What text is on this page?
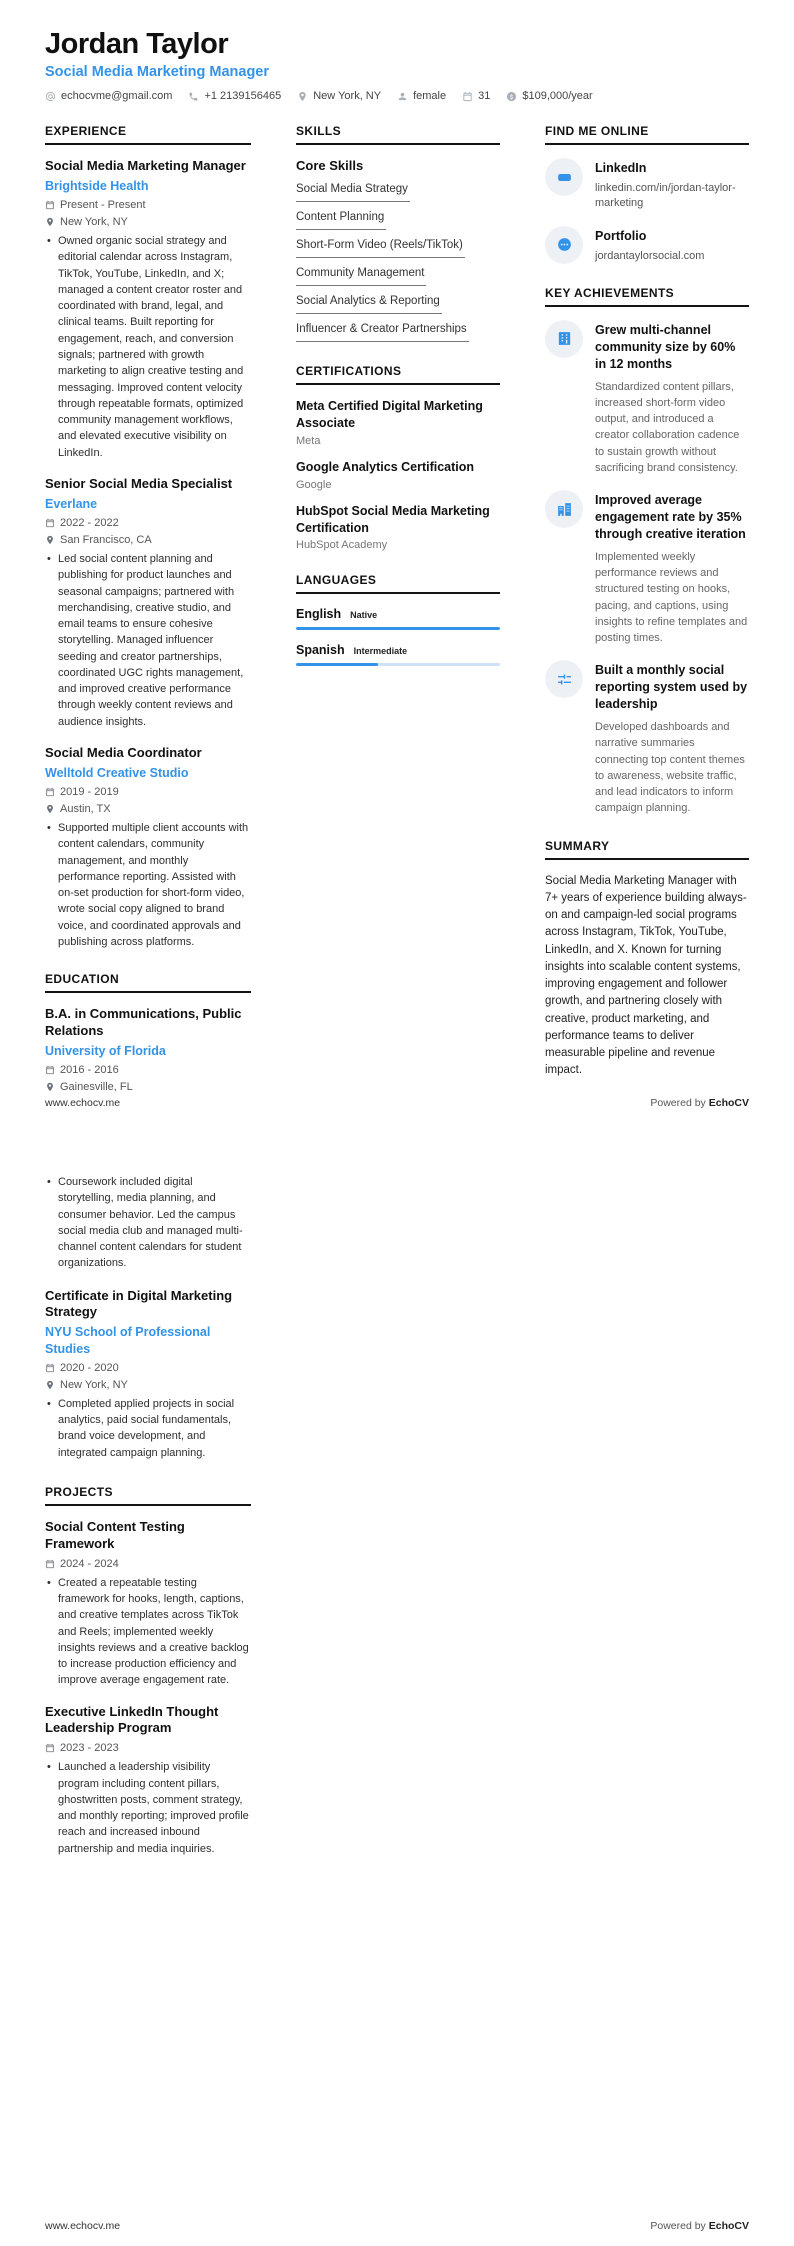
Jordan Taylor
Social Media Marketing Manager
echocvme@gmail.com	+1 2139156465	New York, NY	female	31	$109,000/year
EXPERIENCE
Social Media Marketing Manager
Brightside Health
Present - Present
New York, NY
• Owned organic social strategy and editorial calendar across Instagram, TikTok, YouTube, LinkedIn, and X; managed a content creator roster and coordinated with brand, legal, and clinical teams. Built reporting for engagement, reach, and conversion signals; partnered with growth marketing to align creative testing and messaging. Improved content velocity through repeatable formats, optimized community management workflows, and elevated executive visibility on LinkedIn.
Senior Social Media Specialist
Everlane
2022 - 2022
San Francisco, CA
• Led social content planning and publishing for product launches and seasonal campaigns; partnered with merchandising, creative studio, and email teams to ensure cohesive storytelling. Managed influencer seeding and creator partnerships, coordinated UGC rights management, and improved creative performance through weekly content reviews and audience insights.
Social Media Coordinator
Welltold Creative Studio
2019 - 2019
Austin, TX
• Supported multiple client accounts with content calendars, community management, and monthly performance reporting. Assisted with on-set production for short-form video, wrote social copy aligned to brand voice, and coordinated approvals and publishing across platforms.
EDUCATION
B.A. in Communications, Public Relations
University of Florida
2016 - 2016
Gainesville, FL
SKILLS
Core Skills
Social Media Strategy
Content Planning
Short-Form Video (Reels/TikTok)
Community Management
Social Analytics & Reporting
Influencer & Creator Partnerships
CERTIFICATIONS
Meta Certified Digital Marketing Associate
Meta
Google Analytics Certification
Google
HubSpot Social Media Marketing Certification
HubSpot Academy
LANGUAGES
English Native
Spanish Intermediate
FIND ME ONLINE
LinkedIn
linkedin.com/in/jordan-taylor-marketing
Portfolio
jordantaylorsocial.com
KEY ACHIEVEMENTS
Grew multi-channel community size by 60% in 12 months
Standardized content pillars, increased short-form video output, and introduced a creator collaboration cadence to sustain growth without sacrificing brand consistency.
Improved average engagement rate by 35% through creative iteration
Implemented weekly performance reviews and structured testing on hooks, pacing, and captions, using insights to refine templates and posting times.
Built a monthly social reporting system used by leadership
Developed dashboards and narrative summaries connecting top content themes to awareness, website traffic, and lead indicators to inform campaign planning.
SUMMARY
Social Media Marketing Manager with 7+ years of experience building always-on and campaign-led social programs across Instagram, TikTok, YouTube, LinkedIn, and X. Known for turning insights into scalable content systems, improving engagement and follower growth, and partnering closely with creative, product marketing, and performance teams to deliver measurable pipeline and revenue impact.
www.echocv.me	Powered by EchoCV
• Coursework included digital storytelling, media planning, and consumer behavior. Led the campus social media club and managed multi-channel content calendars for student organizations.
Certificate in Digital Marketing Strategy
NYU School of Professional Studies
2020 - 2020
New York, NY
• Completed applied projects in social analytics, paid social fundamentals, brand voice development, and integrated campaign planning.
PROJECTS
Social Content Testing Framework
2024 - 2024
• Created a repeatable testing framework for hooks, length, captions, and creative templates across TikTok and Reels; implemented weekly insights reviews and a creative backlog to increase production efficiency and improve average engagement rate.
Executive LinkedIn Thought Leadership Program
2023 - 2023
• Launched a leadership visibility program including content pillars, ghostwritten posts, comment strategy, and monthly reporting; improved profile reach and increased inbound partnership and media inquiries.
www.echocv.me	Powered by EchoCV
